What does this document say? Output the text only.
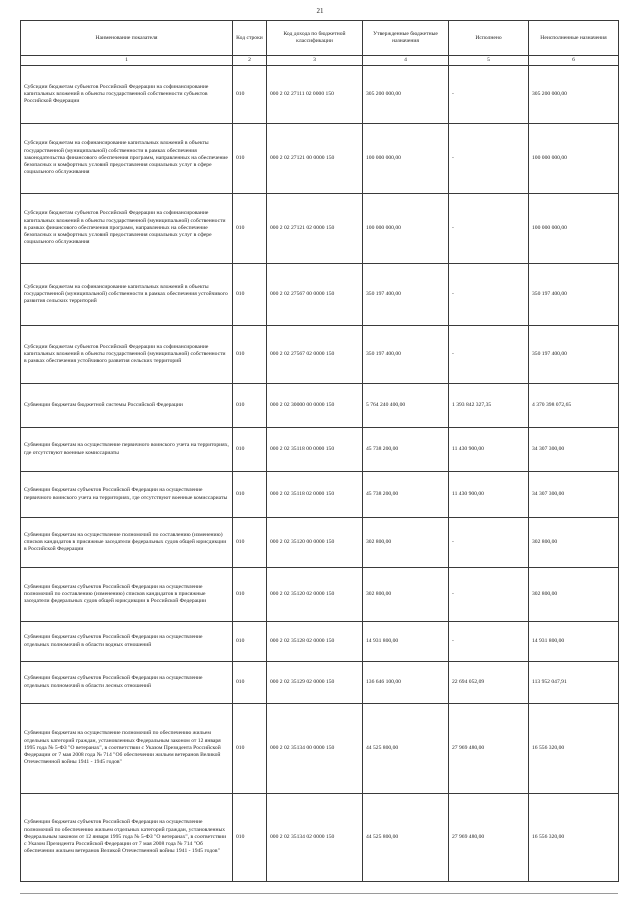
21
Наименование показателя	Код строки	Код дохода по бюджетной классификации	Утвержденные бюджетные назначения	Исполнено	Неисполненные назначения
1	2	3	4	5	6
Субсидии бюджетам субъектов Российской Федерации на софинансирование капитальных вложений в объекты государственной собственности субъектов Российской Федерации	010	000 2 02 27111 02 0000 150	305 200 000,00	-	305 200 000,00
Субсидии бюджетам на софинансирование капитальных вложений в объекты государственной (муниципальной) собственности в рамках обеспечения законодательства финансового обеспечения программ, направленных на обеспечение безопасных и комфортных условий предоставления социальных услуг в сфере социального обслуживания	010	000 2 02 27121 00 0000 150	100 000 000,00	-	100 000 000,00
Субсидии бюджетам субъектов Российской Федерации на софинансирование капитальных вложений в объекты государственной (муниципальной) собственности в рамках финансового обеспечения программ, направленных на обеспечение безопасных и комфортных условий предоставления социальных услуг в сфере социального обслуживания	010	000 2 02 27121 02 0000 150	100 000 000,00	-	100 000 000,00
Субсидии бюджетам на софинансирование капитальных вложений в объекты государственной (муниципальной) собственности в рамках обеспечения устойчивого развития сельских территорий	010	000 2 02 27567 00 0000 150	350 197 400,00	-	350 197 400,00
Субсидии бюджетам субъектов Российской Федерации на софинансирование капитальных вложений в объекты государственной (муниципальной) собственности в рамках обеспечения устойчивого развития сельских территорий	010	000 2 02 27567 02 0000 150	350 197 400,00	-	350 197 400,00
Субвенции бюджетам бюджетной системы Российской Федерации	010	000 2 02 30000 00 0000 150	5 764 240 400,00	1 393 842 327,35	4 370 398 072,65
Субвенции бюджетам на осуществление первичного воинского учета на территориях, где отсутствуют военные комиссариаты	010	000 2 02 35118 00 0000 150	45 738 200,00	11 430 900,00	34 307 300,00
Субвенции бюджетам субъектов Российской Федерации на осуществление первичного воинского учета на территориях, где отсутствуют военные комиссариаты	010	000 2 02 35118 02 0000 150	45 738 200,00	11 430 900,00	34 307 300,00
Субвенции бюджетам на осуществление полномочий по составлению (изменению) списков кандидатов в присяжные заседатели федеральных судов общей юрисдикции в Российской Федерации	010	000 2 02 35120 00 0000 150	302 800,00	-	302 800,00
Субвенции бюджетам субъектов Российской Федерации на осуществление полномочий по составлению (изменению) списков кандидатов в присяжные заседатели федеральных судов общей юрисдикции в Российской Федерации	010	000 2 02 35120 02 0000 150	302 800,00	-	302 800,00
Субвенции бюджетам субъектов Российской Федерации на осуществление отдельных полномочий в области водных отношений	010	000 2 02 35128 02 0000 150	14 931 800,00	-	14 931 800,00
Субвенции бюджетам субъектов Российской Федерации на осуществление отдельных полномочий в области лесных отношений	010	000 2 02 35129 02 0000 150	136 646 100,00	22 694 052,09	113 952 047,91
Субвенции бюджетам на осуществление полномочий по обеспечению жильем отдельных категорий граждан, установленных Федеральным законом от 12 января 1995 года № 5-ФЗ "О ветеранах", в соответствии с Указом Президента Российской Федерации от 7 мая 2008 года № 714 "Об обеспечении жильем ветеранов Великой Отечественной войны 1941 - 1945 годов"	010	000 2 02 35134 00 0000 150	44 525 800,00	27 969 480,00	16 556 320,00
Субвенции бюджетам субъектов Российской Федерации на осуществление полномочий по обеспечению жильем отдельных категорий граждан, установленных Федеральным законом от 12 января 1995 года № 5-ФЗ "О ветеранах", в соответствии с Указом Президента Российской Федерации от 7 мая 2008 года № 714 "Об обеспечении жильем ветеранов Великой Отечественной войны 1941 - 1945 годов"	010	000 2 02 35134 02 0000 150	44 525 800,00	27 969 480,00	16 556 320,00
